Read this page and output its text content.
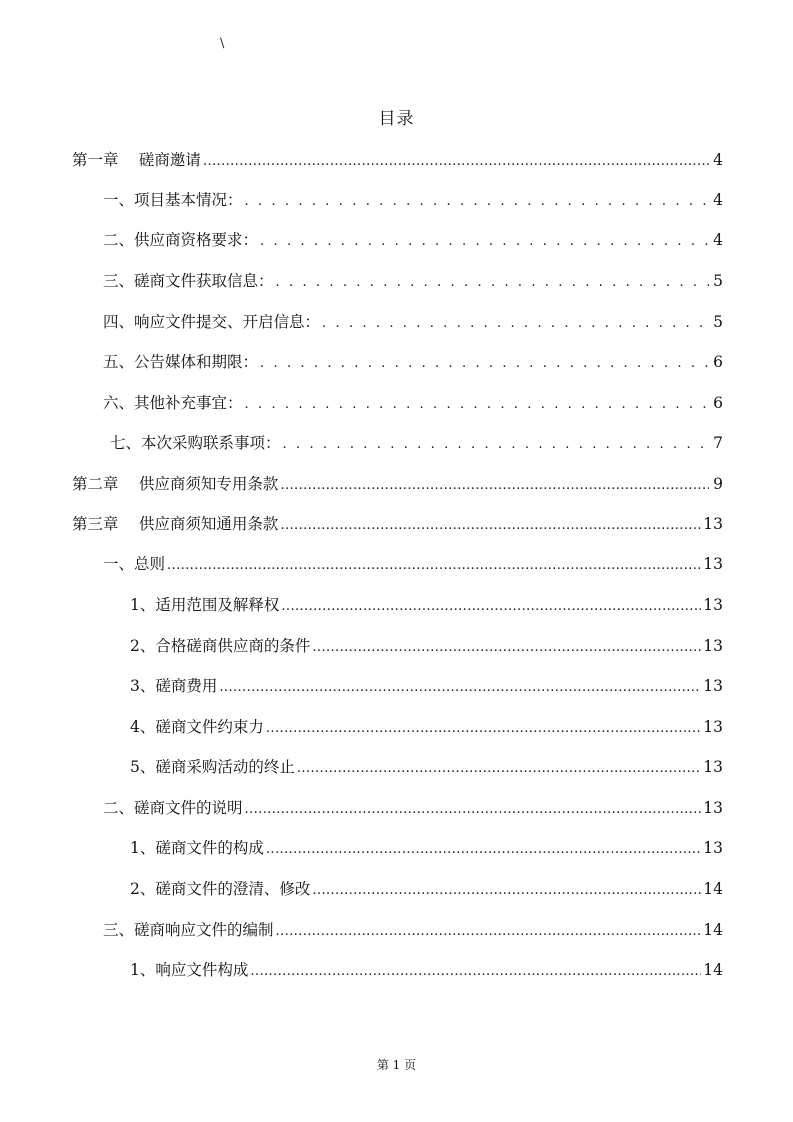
\
目录
第一章　 磋商邀请 .....	4
一、项目基本情况： . . .	4
二、供应商资格要求： . . .	4
三、磋商文件获取信息： . . .	5
四、响应文件提交、开启信息： . . .	5
五、公告媒体和期限： . . .	6
六、其他补充事宜： . . .	6
七、本次采购联系事项： . . .	7
第二章　 供应商须知专用条款 .....	9
第三章　 供应商须知通用条款 .....	13
一、总则 .....	13
1、适用范围及解释权 .....	13
2、合格磋商供应商的条件 .....	13
3、磋商费用 .....	13
4、磋商文件约束力 .....	13
5、磋商采购活动的终止 .....	13
二、磋商文件的说明 .....	13
1、磋商文件的构成 .....	13
2、磋商文件的澄清、修改 .....	14
三、磋商响应文件的编制 .....	14
1、响应文件构成 .....	14
第 1 页
